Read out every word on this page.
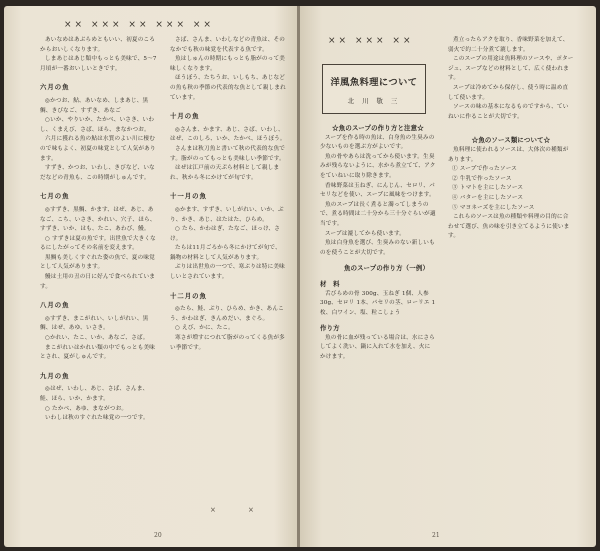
×× ××× ×× ××× ××

あいなめはあぶらめともいい、初夏のころからおいしくなります。

しまあじはあじ類中もっとも美味で、5～7月頃が一番おいしいときです。

六月の魚

◎かつお、鮎、あいなめ、しまあじ、黒鯛、きびなご、すずき、あなご

○いか、やりいか、たかべ、いさき、いわし、くまえび、さば、ほら、まなかつお。

六月に獲れる魚の鮎は水質のよい川に棲むので味もよく、初夏の味覚として人気があります。

すずき、かつお、いわし、きびなど、いなだなどの青魚も、この時期がしゅんです。

七月の魚

◎すずき、黒鯛、かます、はぜ、あじ、あなご、こち、いさき、かれい、穴子、ほら、すずき、いか、はも、たこ、あわび、鰻。

○ すずきは夏の魚です。出世魚で大きくなるにしたがってその名前を変えます。

黒鯛も美しくすぐれた姿の魚で、夏の味覚として人気があります。

鰻は土用の丑の日に好んで食べられています。

八月の魚

◎すずき、まこがれい、いしがれい、黒鯛、はぜ、あゆ、いさき。

○かれい、たこ、いか、あなご、さば。

まこがれいはかれい類の中でもっとも美味とされ、夏がしゅんです。

九月の魚

◎はぜ、いわし、あじ、さば、さんま、鮭、ほら、いか、かます。

○ たかべ、あゆ、まながつお。

いわしは秋のすぐれた味覚の一つです。

さば、さんま、いわしなどの青魚は、そのなかでも秋の味覚を代表する魚です。

魚はしゅんの時期にもっとも脂がのって美味しくなります。

ほうぼう、たちうお、いしもち、あじなどの魚も秋の季節の代表的な魚として親しまれています。

十月の魚

◎さんま、かます、あじ、さば、いわし、はぜ、このしろ、いか、たかべ、ほうぼう。

さんまは秋刀魚と書いて秋の代表的な魚です。脂がのってもっとも美味しい季節です。

はぜは江戸前の天ぷら材料として親しまれ、秋から冬にかけてが旬です。

十一月の魚

◎かます、すずき、いしがれい、いか、ぶり、かき、あじ、はたはた、ひらめ。

○ たら、かわはぎ、たなご、ほっけ、さけ。

たらは11月ごろから冬にかけてが旬で、鍋物の材料として人気があります。

ぶりは出世魚の一つで、寒ぶりは特に美味しいとされています。

十二月の魚

◎たら、鮭、ぶり、ひらめ、かき、あんこう、かわはぎ、きんめだい、まぐろ。

○ えび、かに、たこ。

寒さが増すにつれて脂がのってくる魚が多い季節です。

×	×
20
×× ××× ××
洋風魚料理について
北 川 敬 三

☆魚のスープの作り方と注意☆

スープを作る時の魚は、白身魚の生臭みの少ないものを選ぶ方がよいです。

魚の骨やあらは洗ってから使います。生臭みが残らないように、水から煮立てて、アクをていねいに取り除きます。

香味野菜は玉ねぎ、にんじん、セロリ、パセリなどを使い、スープに風味をつけます。

魚のスープは長く煮ると濁ってしまうので、煮る時間は二十分から三十分ぐらいが適当です。

スープは漉してから使います。

魚は白身魚を選び、生臭みのない新しいものを使うことが大切です。

魚のスープの作り方（一例）

材　料

舌びらめの骨 300g、玉ねぎ 1個、人参 30g、セロリ 1本、パセリの茎、ローリエ 1枚、白ワイン、塩、粒こしょう

作り方

魚の骨に血が残っている場合は、水にさらしてよく洗い、鍋に入れて水を加え、火にかけます。

煮立ったらアクを取り、香味野菜を加えて、弱火で約二十分煮て漉します。

このスープの用途は魚料理のソースや、ポタージュ、スープなどの材料として、広く使われます。

スープは冷めてから保存し、使う時に温め直して使います。

ソースの味の基本になるものですから、ていねいに作ることが大切です。

☆魚のソース類について☆

魚料理に使われるソースは、大体次の種類があります。

① スープで作ったソース

② 牛乳で作ったソース

③ トマトを主にしたソース

④ バターを主にしたソース

⑤ マヨネーズを主にしたソース

これらのソースは魚の種類や料理の目的に合わせて選び、魚の味を引き立てるように使います。

21
